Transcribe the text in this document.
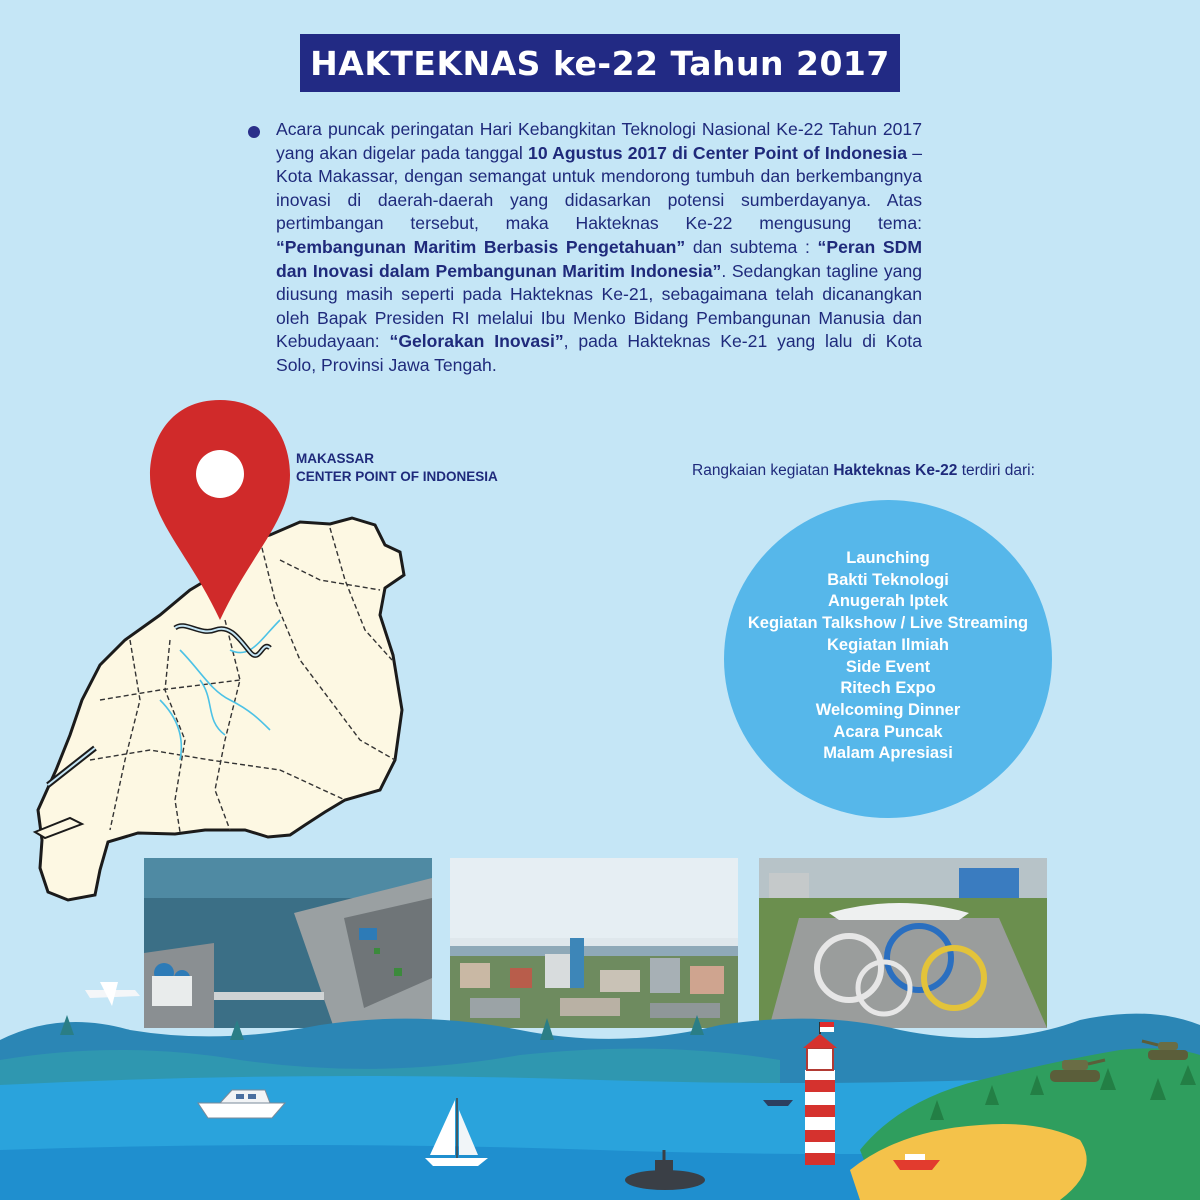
HAKTEKNAS ke-22 Tahun 2017
Acara puncak peringatan Hari Kebangkitan Teknologi Nasional Ke-22 Tahun 2017 yang akan digelar pada tanggal 10 Agustus 2017 di Center Point of Indonesia – Kota Makassar, dengan semangat untuk mendorong tumbuh dan berkembangnya inovasi di daerah-daerah yang didasarkan potensi sumberdayanya. Atas pertimbangan tersebut, maka Hakteknas Ke-22 mengusung tema: “Pembangunan Maritim Berbasis Pengetahuan” dan subtema : “Peran SDM dan Inovasi dalam Pembangunan Maritim Indonesia”. Sedangkan tagline yang diusung masih seperti pada Hakteknas Ke-21, sebagaimana telah dicanangkan oleh Bapak Presiden RI melalui Ibu Menko Bidang Pembangunan Manusia dan Kebudayaan: “Gelorakan Inovasi”, pada Hakteknas Ke-21 yang lalu di Kota Solo, Provinsi Jawa Tengah.
MAKASSAR
CENTER POINT OF INDONESIA	Rangkaian kegiatan Hakteknas Ke-22 terdiri dari:
Launching
Bakti Teknologi
Anugerah Iptek
Kegiatan Talkshow / Live Streaming
Kegiatan Ilmiah
Side Event
Ritech Expo
Welcoming Dinner
Acara Puncak
Malam Apresiasi
